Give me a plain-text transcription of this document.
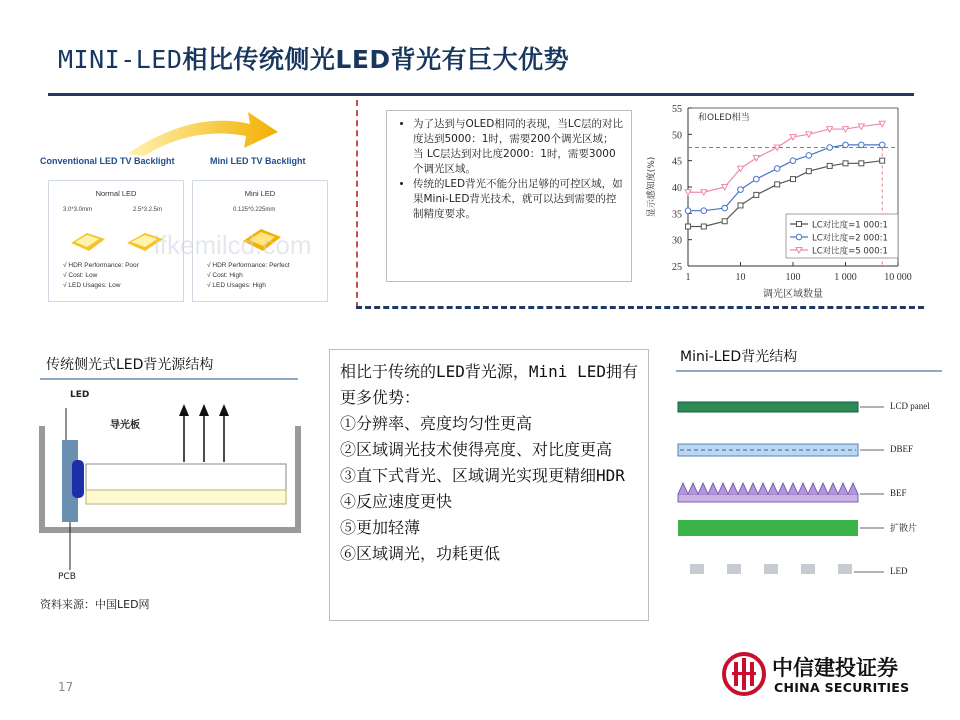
MINI-LED相比传统侧光LED背光有巨大优势
Conventional LED TV Backlight	Mini LED TV Backlight
Normal LED
3.0*3.0mm	2.5*3.2.5m
√ HDR Performance: Poor
√ Cost: Low
√ LED Usages: Low
Mini LED
0.125*0.225mm
√ HDR Performance: Perfect
√ Cost: High
√ LED Usages: High
ifkemilcd.com
• 为了达到与OLED相同的表现，当LC层的对比度达到5000：1时，需要200个调光区域；当 LC层达到对比度2000：1时，需要3000个调光区域。
• 传统的LED背光不能分出足够的可控区域，如果Mini-LED背光技术，就可以达到需要的控制精度要求。
25
30
35
40
45
50
55
1	10	100	1 000	10 000
调光区域数量
显示感知度(%)
和OLED相当
LC对比度=1 000:1
LC对比度=2 000:1
LC对比度=5 000:1
传统侧光式LED背光源结构
LED
导光板
PCB
资料来源：中国LED网
相比于传统的LED背光源，Mini LED拥有更多优势：
①分辨率、亮度均匀性更高
②区域调光技术使得亮度、对比度更高
③直下式背光、区域调光实现更精细HDR
④反应速度更快
⑤更加轻薄
⑥区域调光，功耗更低
Mini-LED背光结构
LCD panel
DBEF
BEF
扩散片
LED
17
中信建投证券
CHINA SECURITIES
